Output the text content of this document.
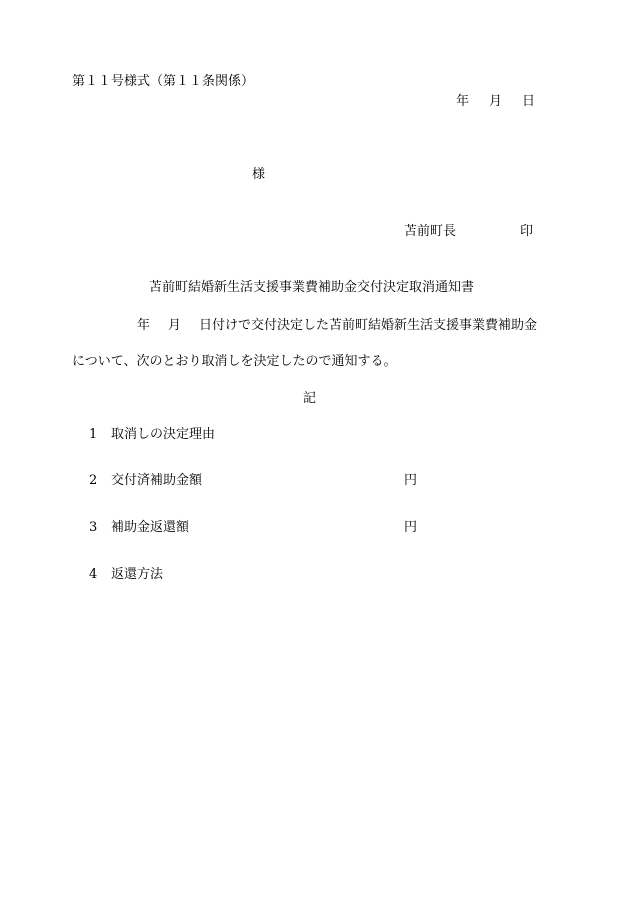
第１１号様式（第１１条関係）

年 月 日

様

苫前町長	印

苫前町結婚新生活支援事業費補助金交付決定取消通知書

年 月 日付けで交付決定した苫前町結婚新生活支援事業費補助金

について、次のとおり取消しを決定したので通知する。

記

1 取消しの決定理由
2 交付済補助金額	円

3 補助金返還額	円

4 返還方法
